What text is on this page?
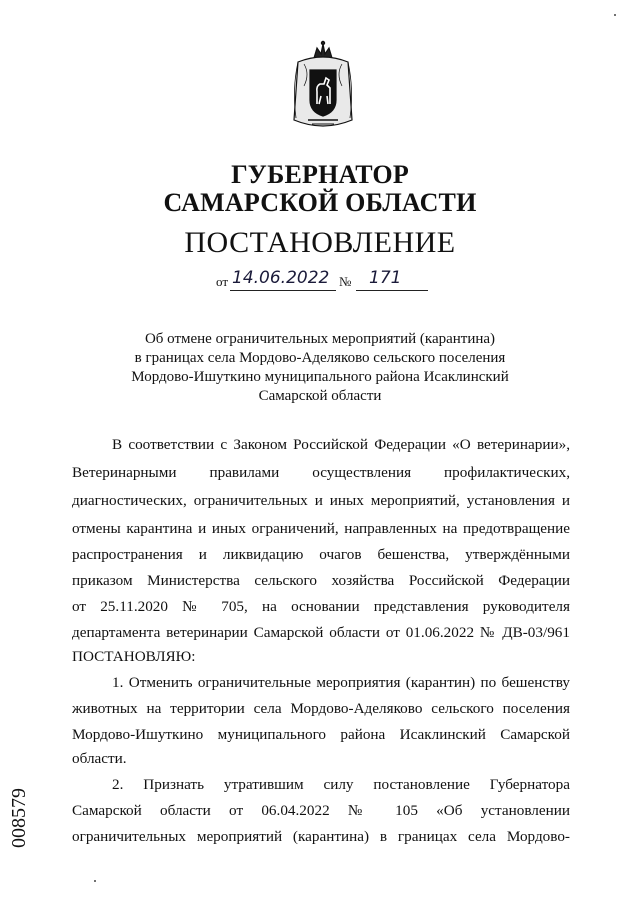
ГУБЕРНАТОР
САМАРСКОЙ ОБЛАСТИ
ПОСТАНОВЛЕНИЕ
от 14.06.2022 № 171
Об отмене ограничительных мероприятий (карантина)
в границах села Мордово-Аделяково сельского поселения
Мордово-Ишуткино муниципального района Исаклинский
Самарской области
В соответствии с Законом Российской Федерации «О ветеринарии»,
Ветеринарными правилами осуществления профилактических,
диагностических, ограничительных и иных мероприятий, установления и
отмены карантина и иных ограничений, направленных на предотвращение
распространения и ликвидацию очагов бешенства, утверждёнными
приказом Министерства сельского хозяйства Российской Федерации
от 25.11.2020 № 705, на основании представления руководителя
департамента ветеринарии Самарской области от 01.06.2022 № ДВ-03/961
ПОСТАНОВЛЯЮ:
1. Отменить ограничительные мероприятия (карантин) по бешенству
животных на территории села Мордово-Аделяково сельского поселения
Мордово-Ишуткино муниципального района Исаклинский Самарской
области.
2. Признать утратившим силу постановление Губернатора
Самарской области от 06.04.2022 № 105 «Об установлении
ограничительных мероприятий (карантина) в границах села Мордово-
008579
